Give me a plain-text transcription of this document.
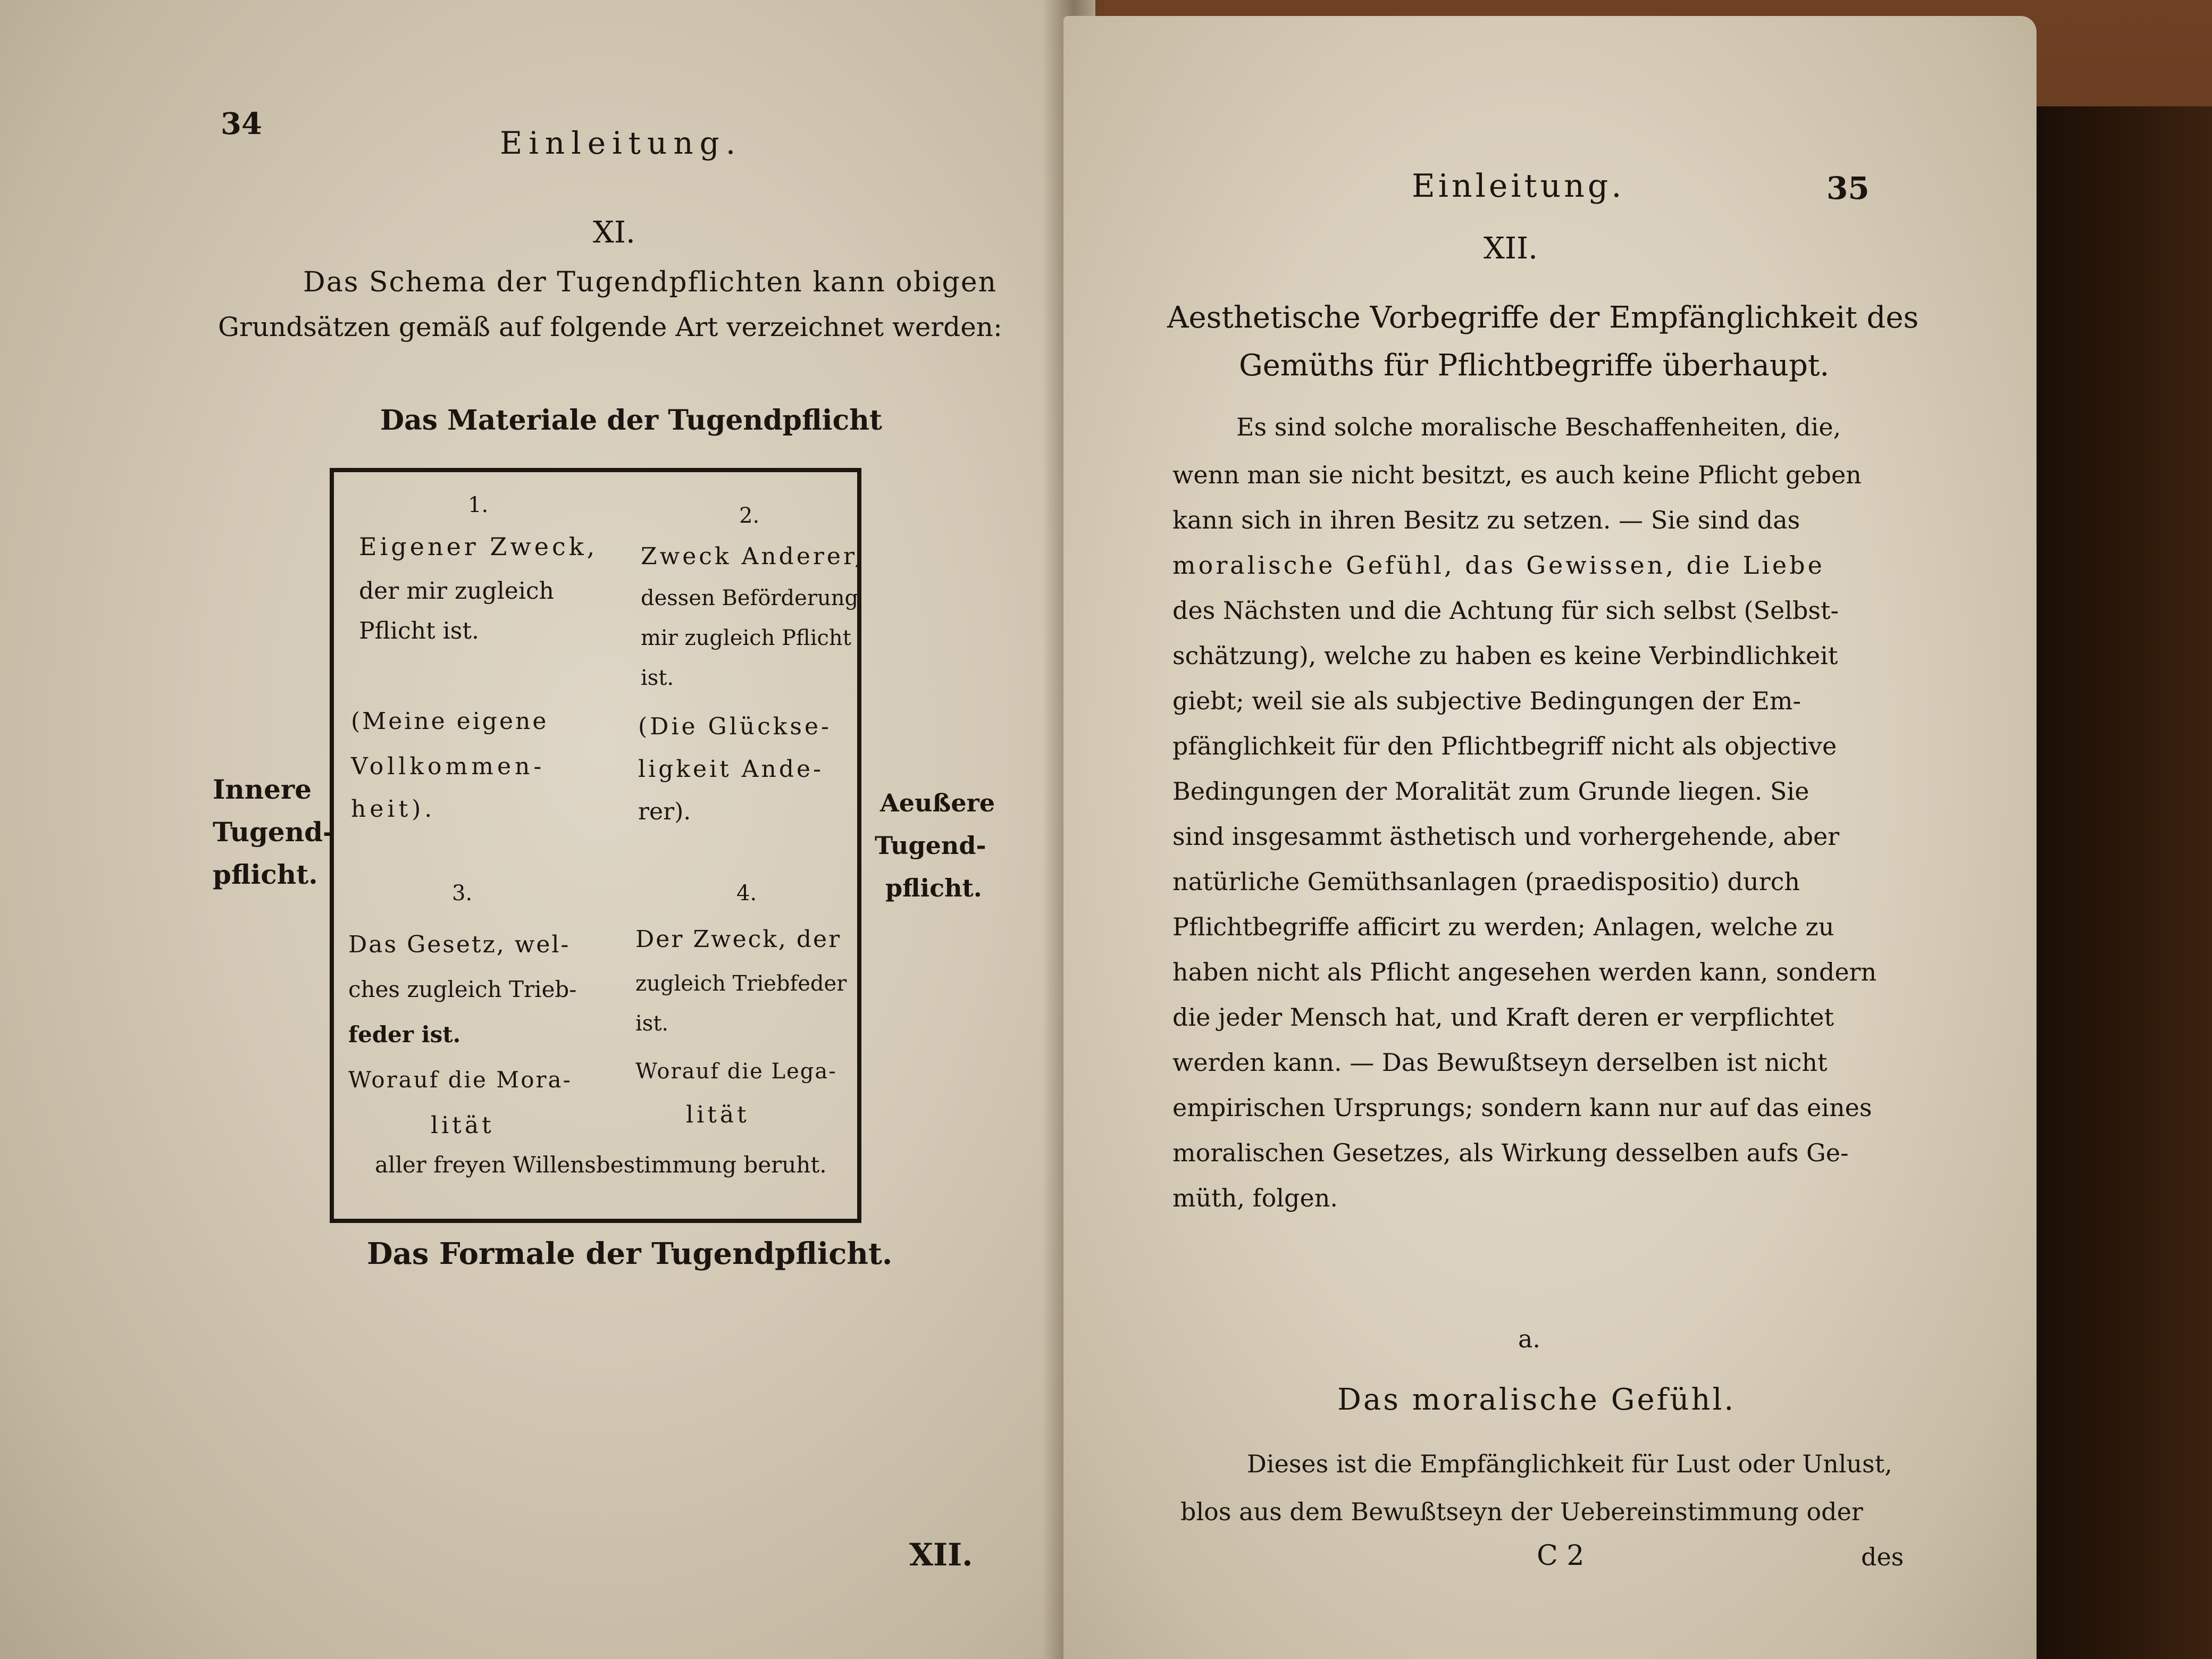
34
Einleitung.
XI.
Das Schema der Tugendpflichten kann obigen
Grundsätzen gemäß auf folgende Art verzeichnet werden:
Das Materiale der Tugendpflicht
1.
Eigener Zweck,
der mir zugleich
Pflicht ist.
(Meine eigene
Vollkommen-
heit).
2.
Zweck Anderer,
dessen Beförderung
mir zugleich Pflicht
ist.
(Die Glückse-
ligkeit Ande-
rer).
3.
Das Gesetz, wel-
ches zugleich Trieb-
feder ist.
Worauf die Mora-
lität
4.
Der Zweck, der
zugleich Triebfeder
ist.
Worauf die Lega-
lität
aller freyen Willensbestimmung beruht.
Innere
Tugend-
pflicht.
Aeußere
Tugend-
pflicht.
Das Formale der Tugendpflicht.
XII.
Einleitung.	35
XII.
Aesthetische Vorbegriffe der Empfänglichkeit des
Gemüths für Pflichtbegriffe überhaupt.
Es sind solche moralische Beschaffenheiten, die,
wenn man sie nicht besitzt, es auch keine Pflicht geben
kann sich in ihren Besitz zu setzen. — Sie sind das
moralische Gefühl, das Gewissen, die Liebe
des Nächsten und die Achtung für sich selbst (Selbst-
schätzung), welche zu haben es keine Verbindlichkeit
giebt; weil sie als subjective Bedingungen der Em-
pfänglichkeit für den Pflichtbegriff nicht als objective
Bedingungen der Moralität zum Grunde liegen. Sie
sind insgesammt ästhetisch und vorhergehende, aber
natürliche Gemüthsanlagen (praedispositio) durch
Pflichtbegriffe afficirt zu werden; Anlagen, welche zu
haben nicht als Pflicht angesehen werden kann, sondern
die jeder Mensch hat, und Kraft deren er verpflichtet
werden kann. — Das Bewußtseyn derselben ist nicht
empirischen Ursprungs; sondern kann nur auf das eines
moralischen Gesetzes, als Wirkung desselben aufs Ge-
müth, folgen.
a.
Das moralische Gefühl.
Dieses ist die Empfänglichkeit für Lust oder Unlust,
blos aus dem Bewußtseyn der Uebereinstimmung oder
C 2	des
